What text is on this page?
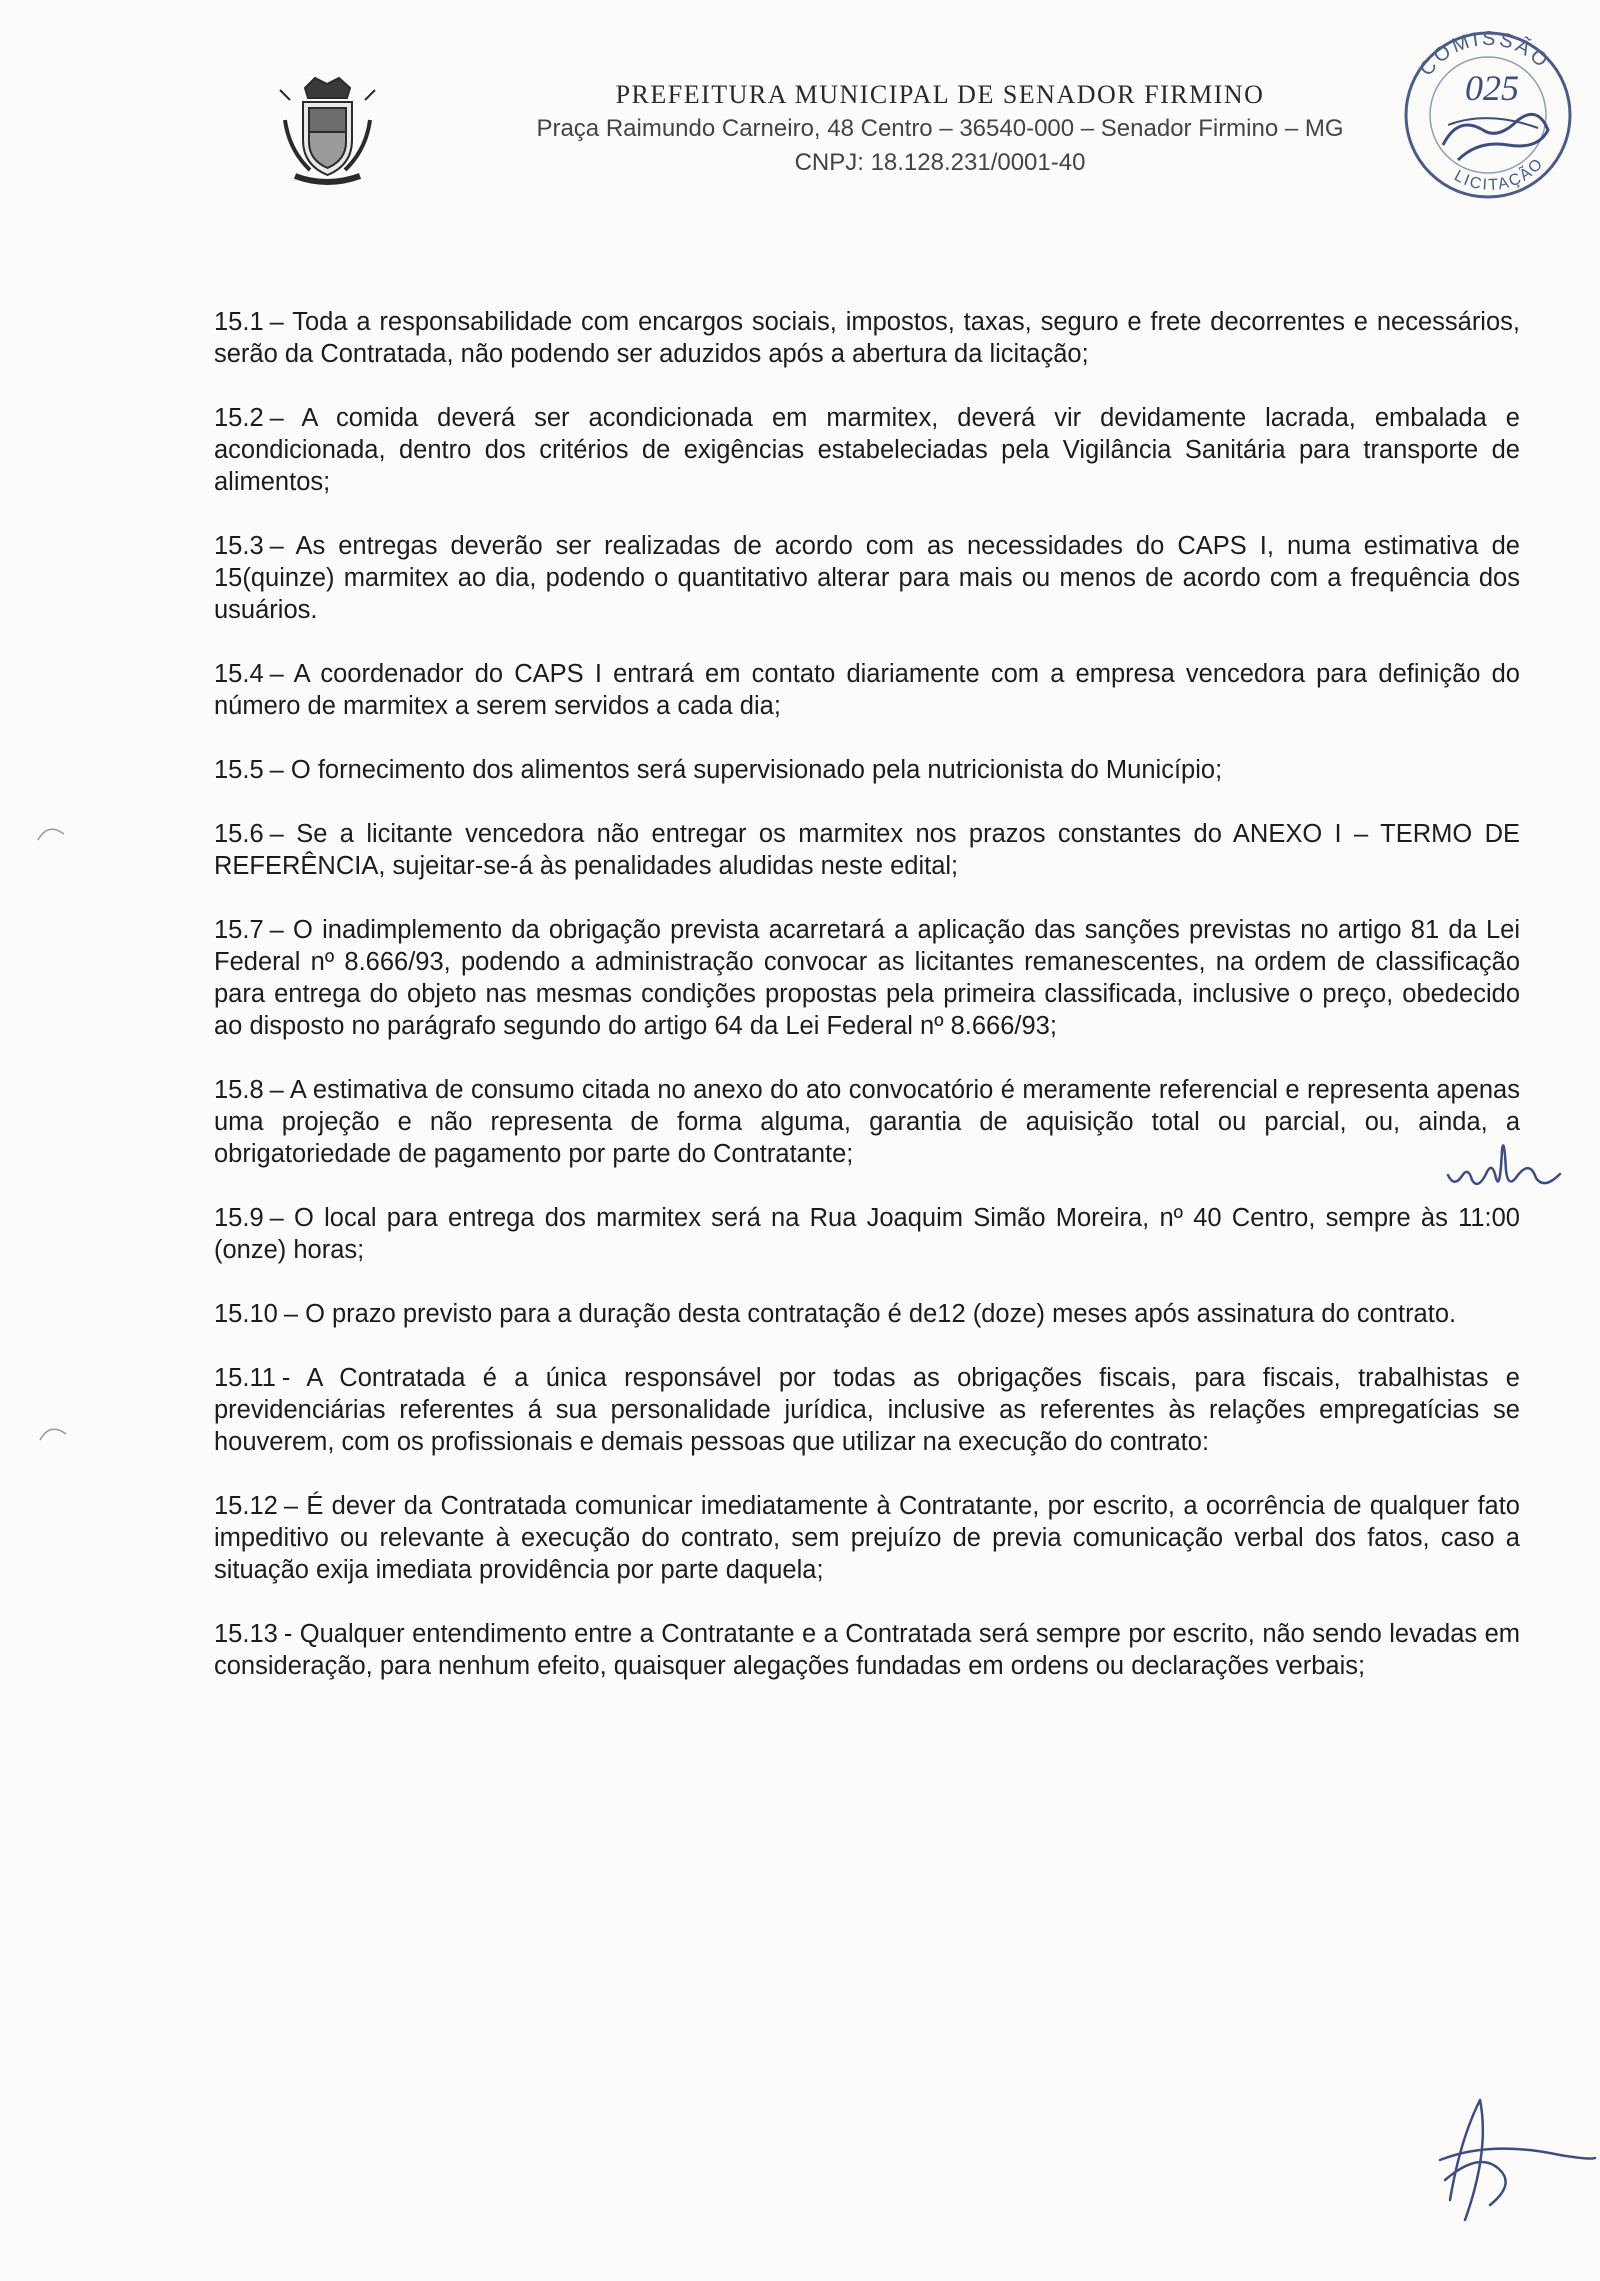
PREFEITURA MUNICIPAL DE SENADOR FIRMINO

Praça Raimundo Carneiro, 48 Centro – 36540-000 – Senador Firmino – MG

CNPJ: 18.128.231/0001-40

COMISSÃO
LICITAÇÃO
025

15.1 – Toda a responsabilidade com encargos sociais, impostos, taxas, seguro e frete decorrentes e necessários, serão da Contratada, não podendo ser aduzidos após a abertura da licitação;

15.2 – A comida deverá ser acondicionada em marmitex, deverá vir devidamente lacrada, embalada e acondicionada, dentro dos critérios de exigências estabeleciadas pela Vigilância Sanitária para transporte de alimentos;

15.3 – As entregas deverão ser realizadas de acordo com as necessidades do CAPS I, numa estimativa de 15(quinze) marmitex ao dia, podendo o quantitativo alterar para mais ou menos de acordo com a frequência dos usuários.

15.4 – A coordenador do CAPS I entrará em contato diariamente com a empresa vencedora para definição do número de marmitex a serem servidos a cada dia;

15.5 – O fornecimento dos alimentos será supervisionado pela nutricionista do Município;

15.6 – Se a licitante vencedora não entregar os marmitex nos prazos constantes do ANEXO I – TERMO DE REFERÊNCIA, sujeitar-se-á às penalidades aludidas neste edital;

15.7 – O inadimplemento da obrigação prevista acarretará a aplicação das sanções previstas no artigo 81 da Lei Federal nº 8.666/93, podendo a administração convocar as licitantes remanescentes, na ordem de classificação para entrega do objeto nas mesmas condições propostas pela primeira classificada, inclusive o preço, obedecido ao disposto no parágrafo segundo do artigo 64 da Lei Federal nº 8.666/93;

15.8 – A estimativa de consumo citada no anexo do ato convocatório é meramente referencial e representa apenas uma projeção e não representa de forma alguma, garantia de aquisição total ou parcial, ou, ainda, a obrigatoriedade de pagamento por parte do Contratante;

15.9 – O local para entrega dos marmitex será na Rua Joaquim Simão Moreira, nº 40 Centro, sempre às 11:00 (onze) horas;

15.10 – O prazo previsto para a duração desta contratação é de12 (doze) meses após assinatura do contrato.

15.11 - A Contratada é a única responsável por todas as obrigações fiscais, para fiscais, trabalhistas e previdenciárias referentes á sua personalidade jurídica, inclusive as referentes às relações empregatícias se houverem, com os profissionais e demais pessoas que utilizar na execução do contrato:

15.12 – É dever da Contratada comunicar imediatamente à Contratante, por escrito, a ocorrência de qualquer fato impeditivo ou relevante à execução do contrato, sem prejuízo de previa comunicação verbal dos fatos, caso a situação exija imediata providência por parte daquela;

15.13 - Qualquer entendimento entre a Contratante e a Contratada será sempre por escrito, não sendo levadas em consideração, para nenhum efeito, quaisquer alegações fundadas em ordens ou declarações verbais;
